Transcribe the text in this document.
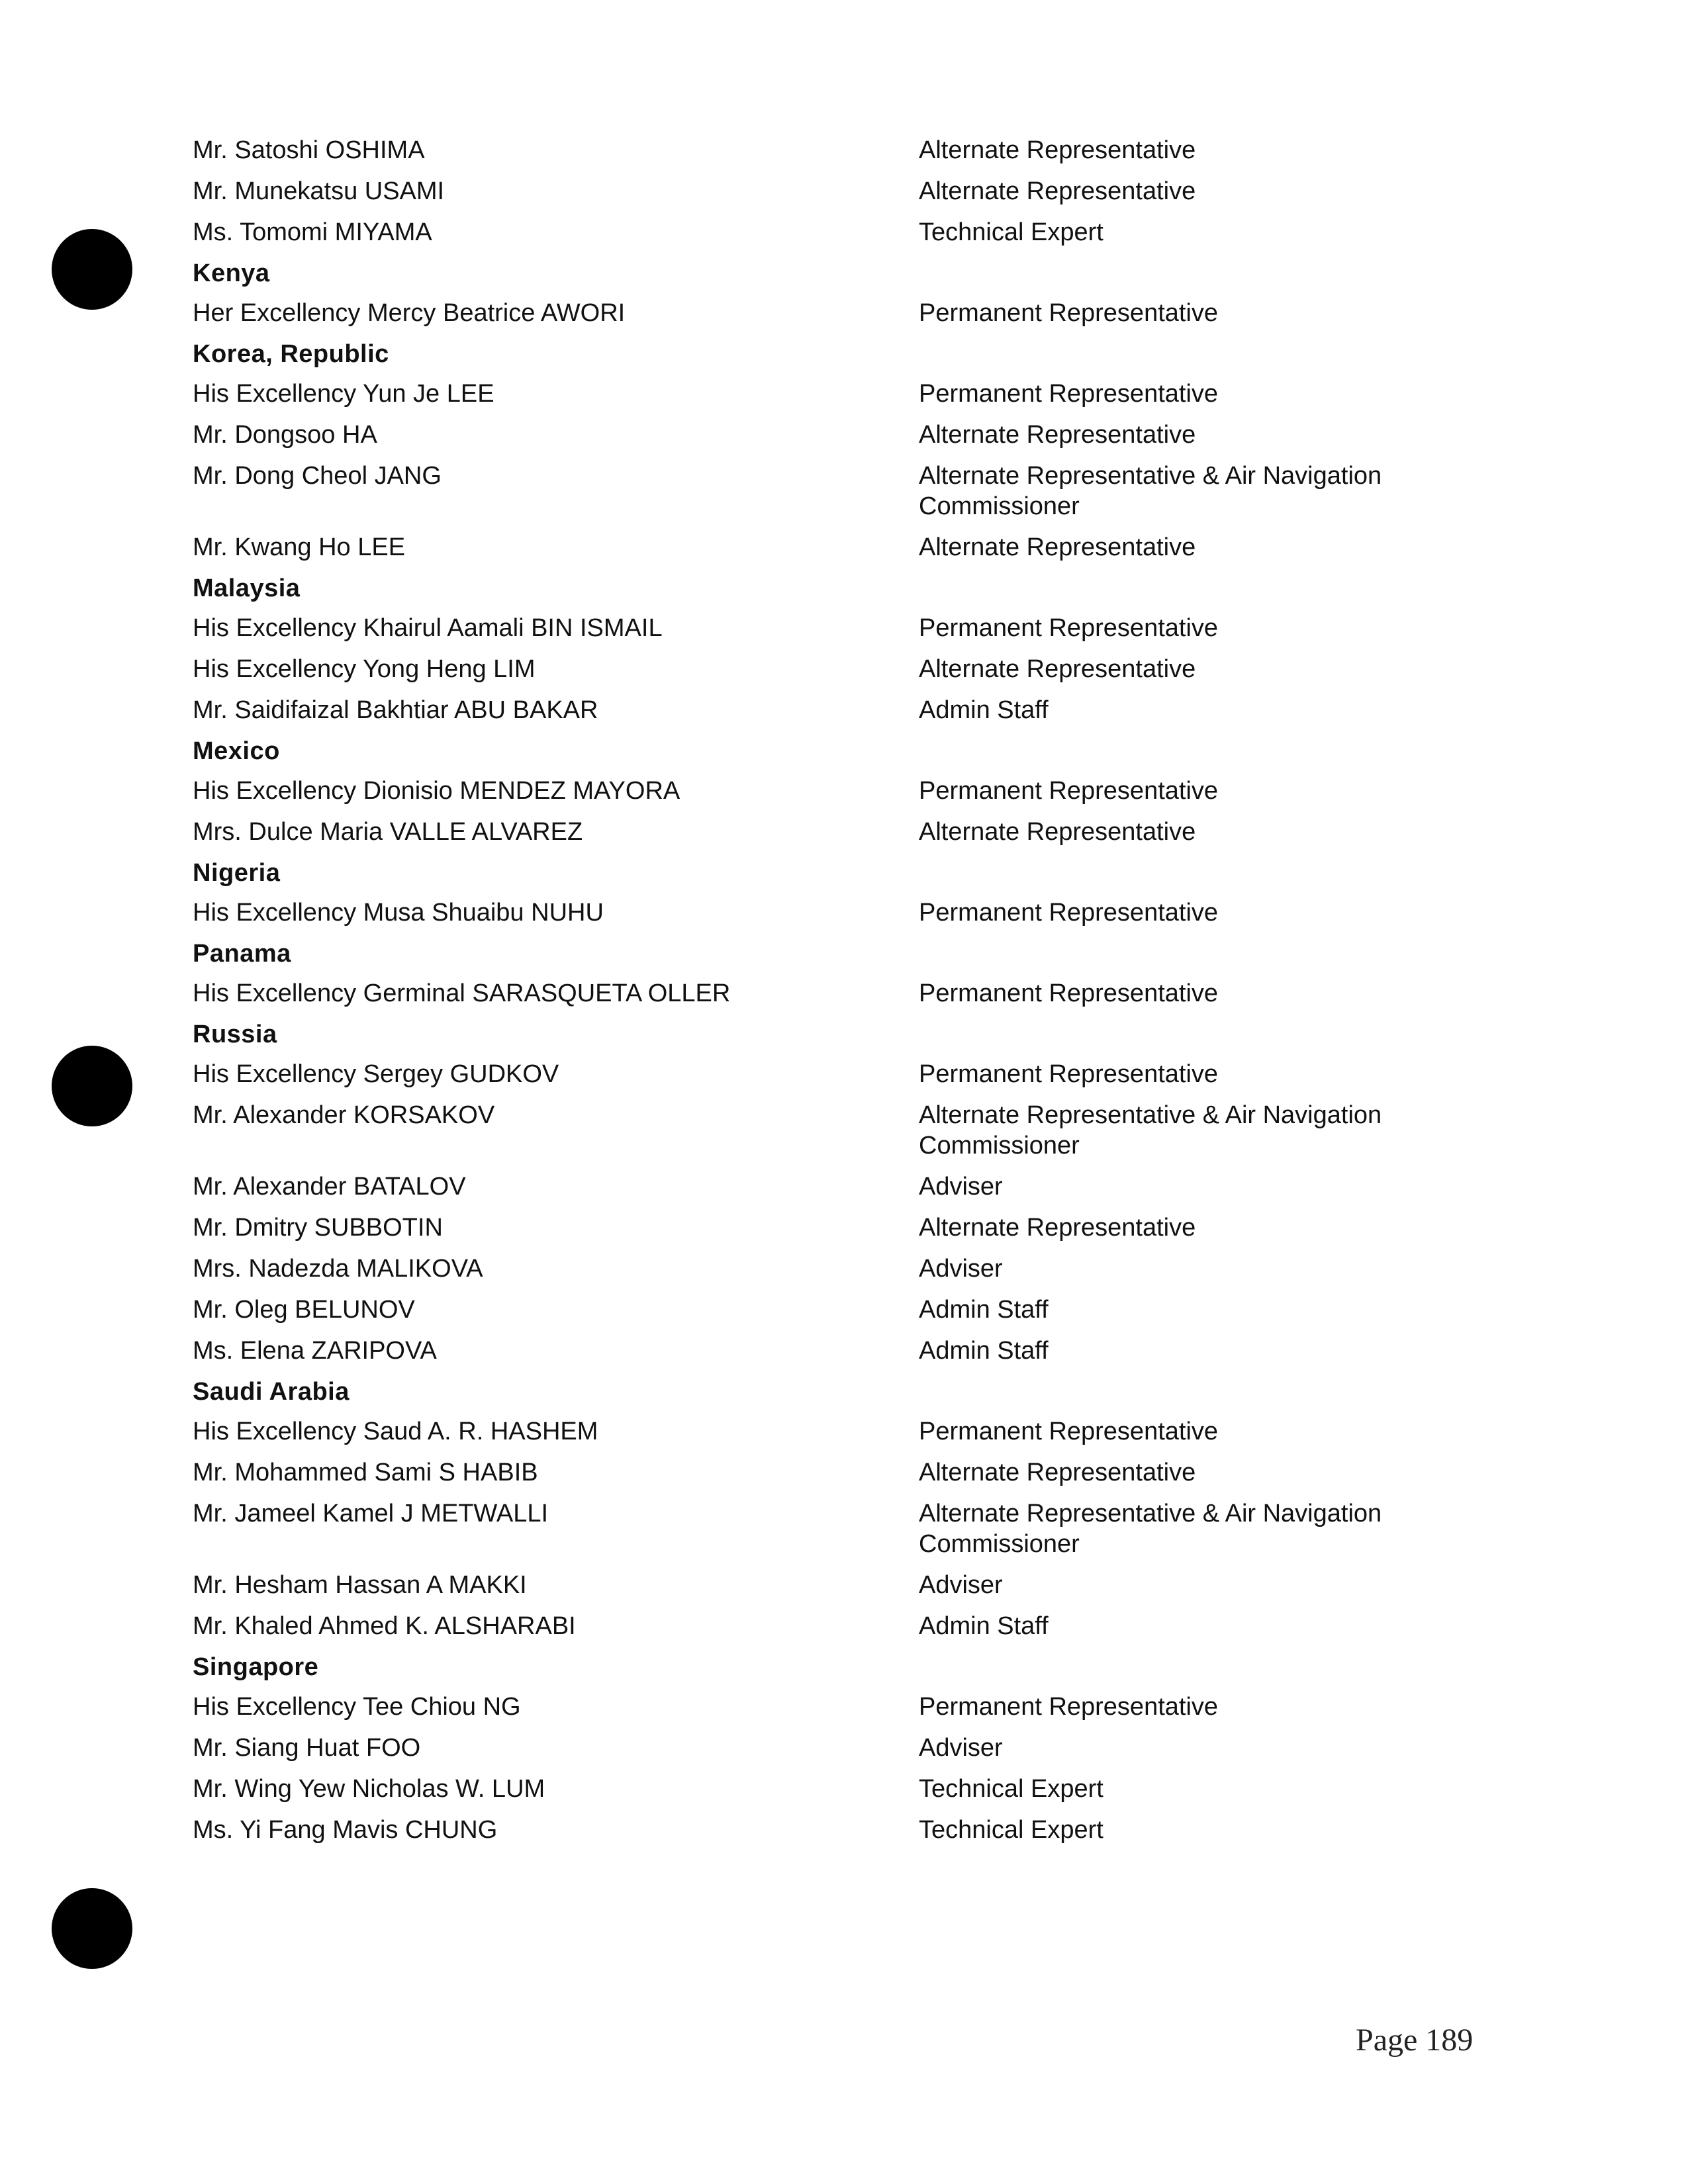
Mr. Satoshi OSHIMA	Alternate Representative
Mr. Munekatsu USAMI	Alternate Representative
Ms. Tomomi MIYAMA	Technical Expert
Kenya
Her Excellency Mercy Beatrice AWORI	Permanent Representative
Korea, Republic
His Excellency Yun Je LEE	Permanent Representative
Mr. Dongsoo HA	Alternate Representative
Mr. Dong Cheol JANG	Alternate Representative & Air Navigation Commissioner
Mr. Kwang Ho LEE	Alternate Representative
Malaysia
His Excellency Khairul Aamali BIN ISMAIL	Permanent Representative
His Excellency Yong Heng LIM	Alternate Representative
Mr. Saidifaizal Bakhtiar ABU BAKAR	Admin Staff
Mexico
His Excellency Dionisio MENDEZ MAYORA	Permanent Representative
Mrs. Dulce Maria VALLE ALVAREZ	Alternate Representative
Nigeria
His Excellency Musa Shuaibu NUHU	Permanent Representative
Panama
His Excellency Germinal SARASQUETA OLLER	Permanent Representative
Russia
His Excellency Sergey GUDKOV	Permanent Representative
Mr. Alexander KORSAKOV	Alternate Representative & Air Navigation Commissioner
Mr. Alexander BATALOV	Adviser
Mr. Dmitry SUBBOTIN	Alternate Representative
Mrs. Nadezda MALIKOVA	Adviser
Mr. Oleg BELUNOV	Admin Staff
Ms. Elena ZARIPOVA	Admin Staff
Saudi Arabia
His Excellency Saud A. R. HASHEM	Permanent Representative
Mr. Mohammed Sami S HABIB	Alternate Representative
Mr. Jameel Kamel J METWALLI	Alternate Representative & Air Navigation Commissioner
Mr. Hesham Hassan A MAKKI	Adviser
Mr. Khaled Ahmed K. ALSHARABI	Admin Staff
Singapore
His Excellency Tee Chiou NG	Permanent Representative
Mr. Siang Huat FOO	Adviser
Mr. Wing Yew Nicholas W. LUM	Technical Expert
Ms. Yi Fang Mavis CHUNG	Technical Expert
Page 189
